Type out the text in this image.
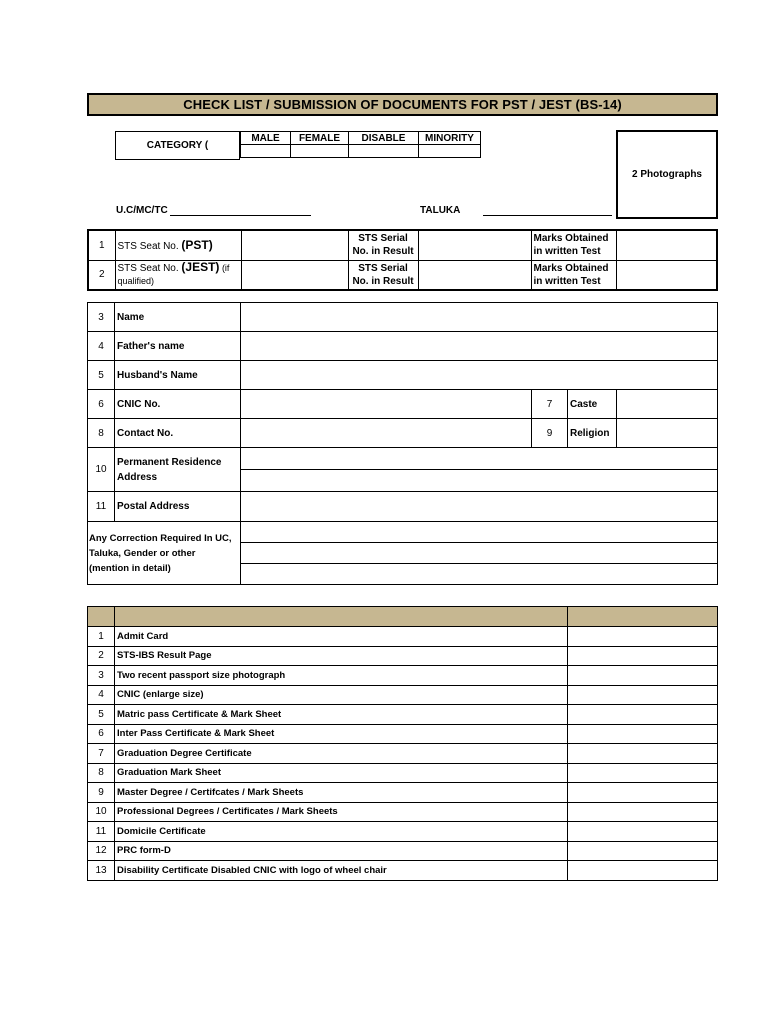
CHECK LIST / SUBMISSION OF DOCUMENTS FOR PST / JEST (BS-14)
CATEGORY (
MALE	FEMALE	DISABLE	MINORITY

2 Photographs
U.C/MC/TC	TALUKA
1	STS Seat No. (PST)		STS Serial No. in Result		Marks Obtained in written Test	
2	STS Seat No. (JEST) (if qualified)		STS Serial No. in Result		Marks Obtained in written Test	
3	Name				
4	Father's name				
5	Husband's Name				
6	CNIC No.		7	Caste	
8	Contact No.		9	Religion	
10	Permanent Residence Address				

11	Postal Address				
Any Correction Required In UC, Taluka, Gender or other (mention in detail)					

1	Admit Card	
2	STS-IBS Result Page	
3	Two recent passport size photograph	
4	CNIC (enlarge size)	
5	Matric pass Certificate & Mark Sheet	
6	Inter Pass Certificate & Mark Sheet	
7	Graduation Degree Certificate	
8	Graduation Mark Sheet	
9	Master Degree / Certifcates / Mark Sheets	
10	Professional Degrees / Certificates / Mark Sheets	
11	Domicile Certificate	
12	PRC form-D	
13	Disability Certificate Disabled CNIC with logo of wheel chair	
